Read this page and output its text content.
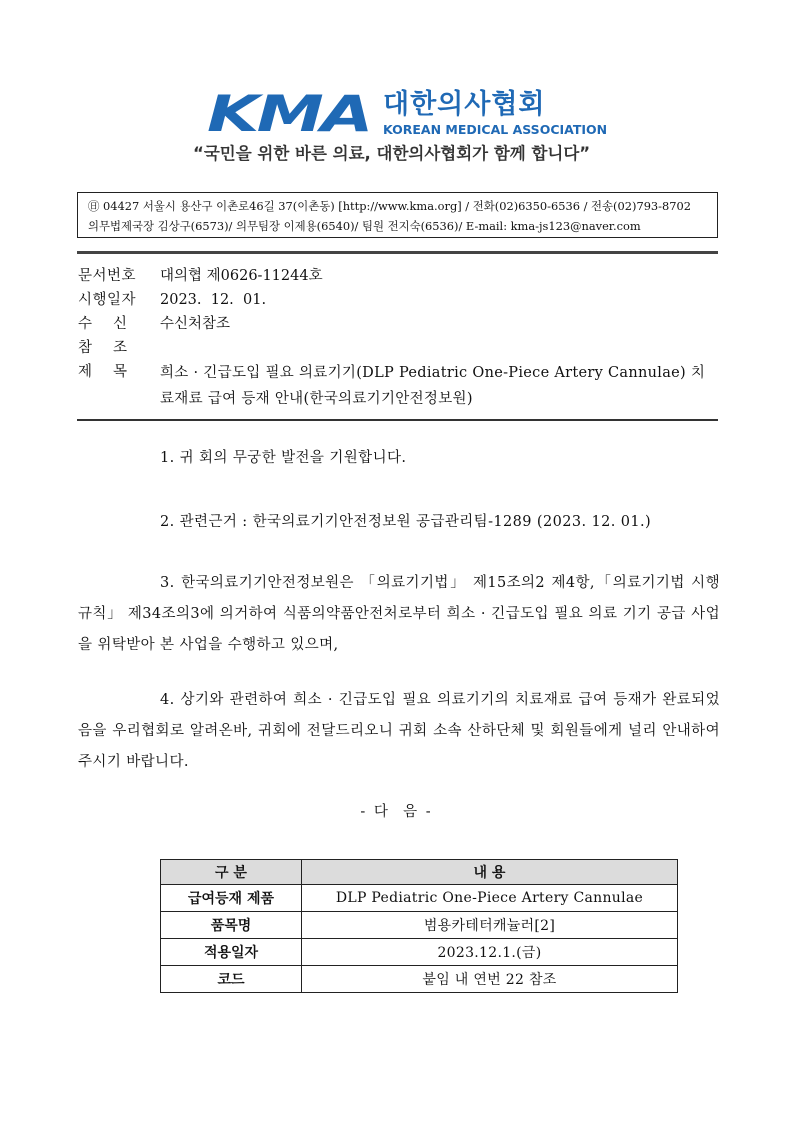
KMA 대한의사협회
KOREAN MEDICAL ASSOCIATION
“국민을 위한 바른 의료, 대한의사협회가 함께 합니다”
㊐ 04427 서울시 용산구 이촌로46길 37(이촌동) [http://www.kma.org] / 전화(02)6350-6536 / 전송(02)793-8702
의무법제국장 김상구(6573)/ 의무팀장 이제용(6540)/ 팀원 전지숙(6536)/ E-mail: kma-js123@naver.com
문서번호	대의협 제0626-11244호
시행일자	2023.  12.  01.
수    신	수신처참조
참    조
제    목	희소 · 긴급도입 필요 의료기기(DLP Pediatric One-Piece Artery Cannulae) 치료재료 급여 등재 안내(한국의료기기안전정보원)
1. 귀 회의 무궁한 발전을 기원합니다.
2. 관련근거 : 한국의료기기안전정보원 공급관리팀-1289 (2023. 12. 01.)
3. 한국의료기기안전정보원은 「의료기기법」 제15조의2 제4항,「의료기기법 시행규칙」 제34조의3에 의거하여 식품의약품안전처로부터 희소 · 긴급도입 필요 의료 기기 공급 사업을 위탁받아 본 사업을 수행하고 있으며,
4. 상기와 관련하여 희소 · 긴급도입 필요 의료기기의 치료재료 급여 등재가 완료되었음을 우리협회로 알려온바, 귀회에 전달드리오니 귀회 소속 산하단체 및 회원들에게 널리 안내하여 주시기 바랍니다.
- 다  음 -
구 분	내 용
급여등재 제품	DLP Pediatric One-Piece Artery Cannulae
품목명	범용카테터캐뉼러[2]
적용일자	2023.12.1.(금)
코드	붙임 내 연번 22 참조
